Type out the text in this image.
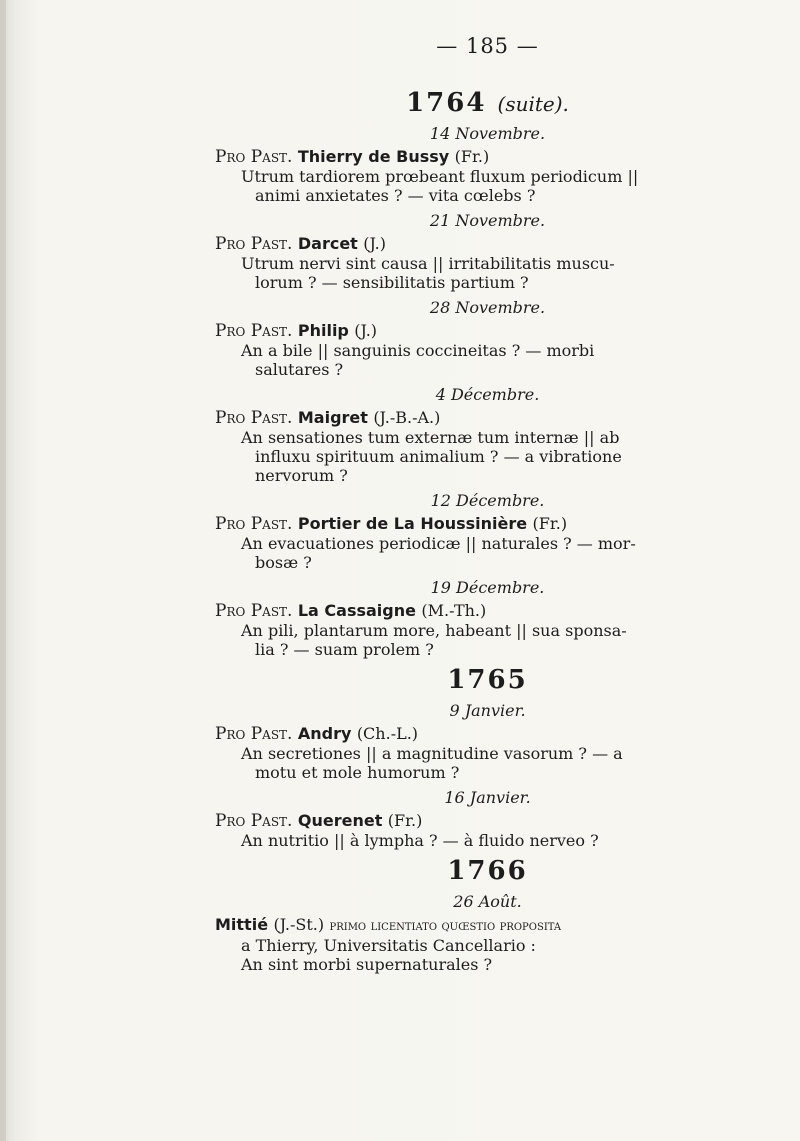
— 185 —
1764 (suite).
14 Novembre.
Pro Past. Thierry de Bussy (Fr.)
Utrum tardiorem prœbeant fluxum periodicum ||
animi anxietates ? — vita cœlebs ?
21 Novembre.
Pro Past. Darcet (J.)
Utrum nervi sint causa || irritabilitatis muscu-
lorum ? — sensibilitatis partium ?
28 Novembre.
Pro Past. Philip (J.)
An a bile || sanguinis coccineitas ? — morbi
salutares ?
4 Décembre.
Pro Past. Maigret (J.-B.-A.)
An sensationes tum externæ tum internæ || ab
influxu spirituum animalium ? — a vibratione
nervorum ?
12 Décembre.
Pro Past. Portier de La Houssinière (Fr.)
An evacuationes periodicæ || naturales ? — mor-
bosæ ?
19 Décembre.
Pro Past. La Cassaigne (M.-Th.)
An pili, plantarum more, habeant || sua sponsa-
lia ? — suam prolem ?
1765
9 Janvier.
Pro Past. Andry (Ch.-L.)
An secretiones || a magnitudine vasorum ? — a
motu et mole humorum ?
16 Janvier.
Pro Past. Querenet (Fr.)
An nutritio || à lympha ? — à fluido nerveo ?
1766
26 Août.
Mittié (J.-St.) primo licentiato quœstio proposita
a Thierry, Universitatis Cancellario :
An sint morbi supernaturales ?
